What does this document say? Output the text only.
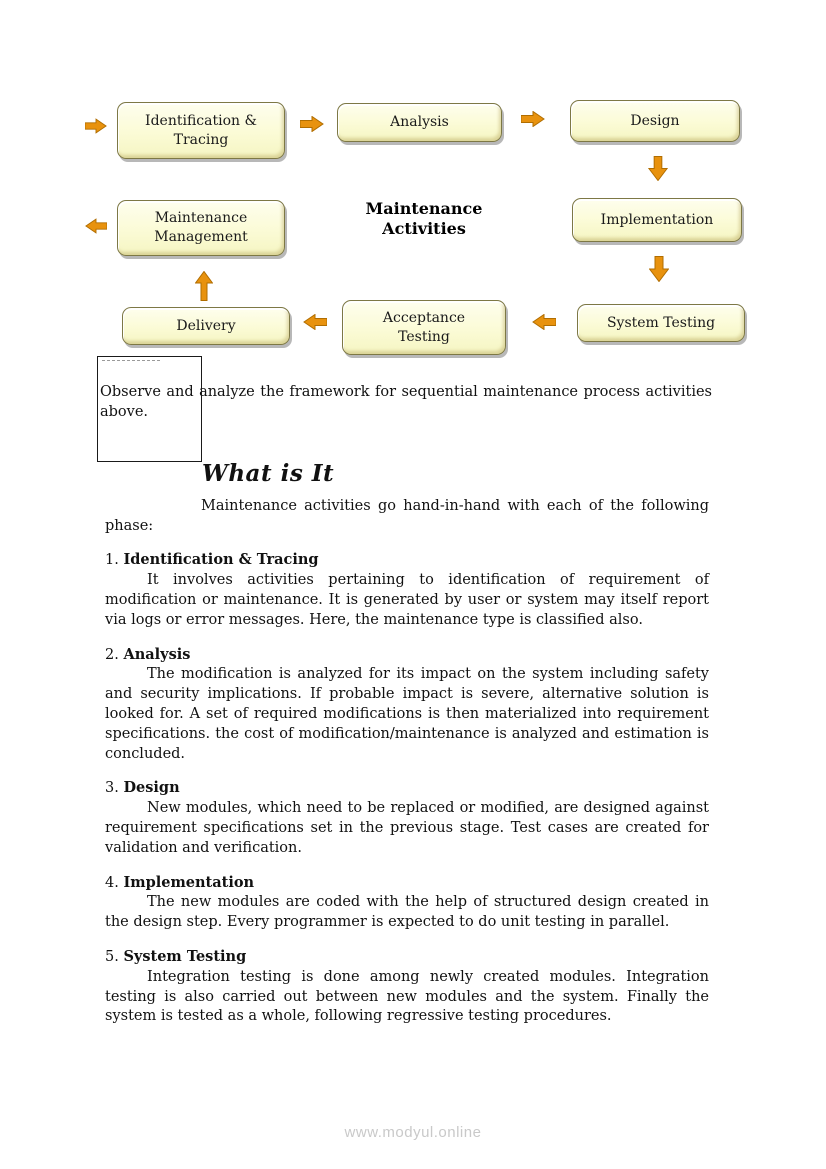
Identification & Tracing
Analysis	Design
Implementation
System Testing
Acceptance Testing
Delivery
Maintenance Management
Maintenance
Activities

Observe and analyze the framework for sequential maintenance process activities above.

What is It

Maintenance activities go hand-in-hand with each of the following phase:

1. Identification & Tracing

It involves activities pertaining to identification of requirement of modification or maintenance. It is generated by user or system may itself report via logs or error messages. Here, the maintenance type is classified also.

2. Analysis

The modification is analyzed for its impact on the system including safety and security implications. If probable impact is severe, alternative solution is looked for. A set of required modifications is then materialized into requirement specifications. the cost of modification/maintenance is analyzed and estimation is concluded.

3. Design

New modules, which need to be replaced or modified, are designed against requirement specifications set in the previous stage. Test cases are created for validation and verification.

4. Implementation

The new modules are coded with the help of structured design created in the design step. Every programmer is expected to do unit testing in parallel.

5. System Testing

Integration testing is done among newly created modules. Integration testing is also carried out between new modules and the system. Finally the system is tested as a whole, following regressive testing procedures.

www.modyul.online
